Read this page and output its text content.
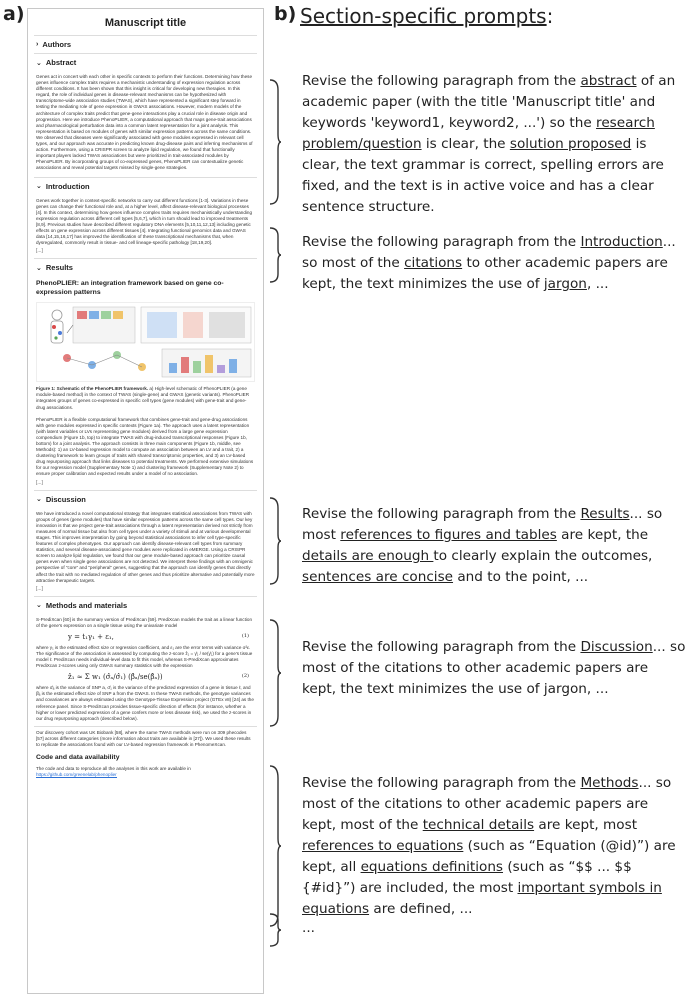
a)	b)
Manuscript title
› Authors
⌄ Abstract
Genes act in concert with each other in specific contexts to perform their functions. Determining how these genes influence complex traits requires a mechanistic understanding of expression regulation across different conditions. It has been shown that this insight is critical for developing new therapies. In this regard, the role of individual genes in disease-relevant mechanisms can be hypothesized with transcriptome-wide association studies (TWAS), which have represented a significant step forward in testing the mediating role of gene expression in GWAS associations. However, modern models of the architecture of complex traits predict that gene-gene interactions play a crucial role in disease origin and progression. Here we introduce PhenoPLIER, a computational approach that maps gene-trait associations and pharmacological perturbation data into a common latent representation for a joint analysis. This representation is based on modules of genes with similar expression patterns across the same conditions. We observed that diseases were significantly associated with gene modules expressed in relevant cell types, and our approach was accurate in predicting known drug-disease pairs and inferring mechanisms of action. Furthermore, using a CRISPR screen to analyze lipid regulation, we found that functionally important players lacked TWAS associations but were prioritized in trait-associated modules by PhenoPLIER. By incorporating groups of co-expressed genes, PhenoPLIER can contextualize genetic associations and reveal potential targets missed by single-gene strategies.
⌄ Introduction
Genes work together in context-specific networks to carry out different functions [1-3]. Variations in these genes can change their functional role and, at a higher level, affect disease-relevant biological processes [4]. In this context, determining how genes influence complex traits requires mechanistically understanding expression regulation across different cell types [5,6,7], which in turn should lead to improved treatments [8,9]. Previous studies have described different regulatory DNA elements [5,10,11,12,13] including genetic effects on gene expression across different tissues [4]. Integrating functional genomics data and GWAS data [14,15,16,17] has improved the identification of these transcriptional mechanisms that, when dysregulated, commonly result in tissue- and cell lineage-specific pathology [18,19,20].
[...]
⌄ Results
PhenoPLIER: an integration framework based on gene co-expression patterns
Figure 1: Schematic of the PhenoPLIER framework. a) High-level schematic of PhenoPLIER (a gene module-based method) in the context of TWAS (single-gene) and GWAS (genetic variants). PhenoPLIER integrates groups of genes co-expressed in specific cell types (gene modules) with gene-trait and gene-drug associations.
PhenoPLIER is a flexible computational framework that combines gene-trait and gene-drug associations with gene modules expressed in specific contexts (Figure 1a). The approach uses a latent representation (with latent variables or LVs representing gene modules) derived from a large gene expression compendium (Figure 1b, top) to integrate TWAS with drug-induced transcriptional responses (Figure 1b, bottom) for a joint analysis. The approach consists in three main components (Figure 1b, middle, see Methods): 1) an LV-based regression model to compute an association between an LV and a trait, 2) a clustering framework to learn groups of traits with shared transcriptomic properties, and 3) an LV-based drug repurposing approach that links diseases to potential treatments. We performed extensive simulations for our regression model (Supplementary Note 1) and clustering framework (Supplementary Note 2) to ensure proper calibration and expected results under a model of no association.
[...]
⌄ Discussion
We have introduced a novel computational strategy that integrates statistical associations from TWAS with groups of genes (gene modules) that have similar expression patterns across the same cell types. Our key innovation is that we project gene-trait associations through a latent representation derived not strictly from measures of normal tissue but also from cell types under a variety of stimuli and at various developmental stages. This improves interpretation by going beyond statistical associations to infer cell type-specific features of complex phenotypes. Our approach can identify disease-relevant cell types from summary statistics, and several disease-associated gene modules were replicated in eMERGE. Using a CRISPR screen to analyze lipid regulation, we found that our gene module-based approach can prioritize causal genes even when single gene associations are not detected. We interpret these findings with an omnigenic perspective of "core" and "peripheral" genes, suggesting that the approach can identify genes that directly affect the trait with no mediated regulation of other genes and thus prioritize alternative and potentially more attractive therapeutic targets.
[...]
⌄ Methods and materials
S-PrediXcan [60] is the summary version of PrediXcan [59]. PrediXcan models the trait as a linear function of the gene's expression on a single tissue using the univariate model
y = t₁γ₁ + ε₁,	(1)
where γ₁ is the estimated effect size or regression coefficient, and ε₁ are the error terms with variance σ²ε. The significance of the association is assessed by computing the z-score ẑ₁ = γ̂₁ / se(γ̂₁) for a gene's tissue model ℓ. PrediXcan needs individual-level data to fit this model, whereas S-PrediXcan approximates PrediXcan z-scores using only GWAS summary statistics with the expression
ẑ₁ ≈ Σ w₁ (σ̂ₐ/σ̂₁) (β̂ₐ/se(β̂ₐ))	(2)
where σ̂ₐ is the variance of SNP a, σ̂₁ is the variance of the predicted expression of a gene in tissue ℓ, and β̂ₐ is the estimated effect size of SNP a from the GWAS. In these TWAS methods, the genotype variances and covariances are always estimated using the Genotype-Tissue Expression project (GTEx v8) [24] as the reference panel. Since S-PrediXcan provides tissue-specific direction of effects (for instance, whether a higher or lower predicted expression of a gene confers more or less disease risk), we used the z-scores in our drug repurposing approach (described below).
Our discovery cohort was UK Biobank [58], where the same TWAS methods were run on 309 phecodes [57] across different categories (more information about traits are available in [27]). We used these results to replicate the associations found with our LV-based regression framework in PhenomeXcan.
Code and data availability
The code and data to reproduce all the analyses in this work are available in
https://github.com/greenelab/phenoplier
Section-specific prompts:
Revise the following paragraph from the abstract of an academic paper (with the title 'Manuscript title' and keywords 'keyword1, keyword2, ...') so the research problem/question is clear, the solution proposed is clear, the text grammar is correct, spelling errors are fixed, and the text is in active voice and has a clear sentence structure.
Revise the following paragraph from the Introduction... so most of the citations to other academic papers are kept, the text minimizes the use of jargon, ...
Revise the following paragraph from the Results... so most references to figures and tables are kept, the details are enough to clearly explain the outcomes, sentences are concise and to the point, ...
Revise the following paragraph from the Discussion... so most of the citations to other academic papers are kept, the text minimizes the use of jargon, ...
Revise the following paragraph from the Methods... so most of the citations to other academic papers are kept, most of the technical details are kept, most references to equations (such as “Equation (@id)”) are kept, all equations definitions (such as “$$ ... $$ {#id}”) are included, the most important symbols in equations are defined, ...
...
